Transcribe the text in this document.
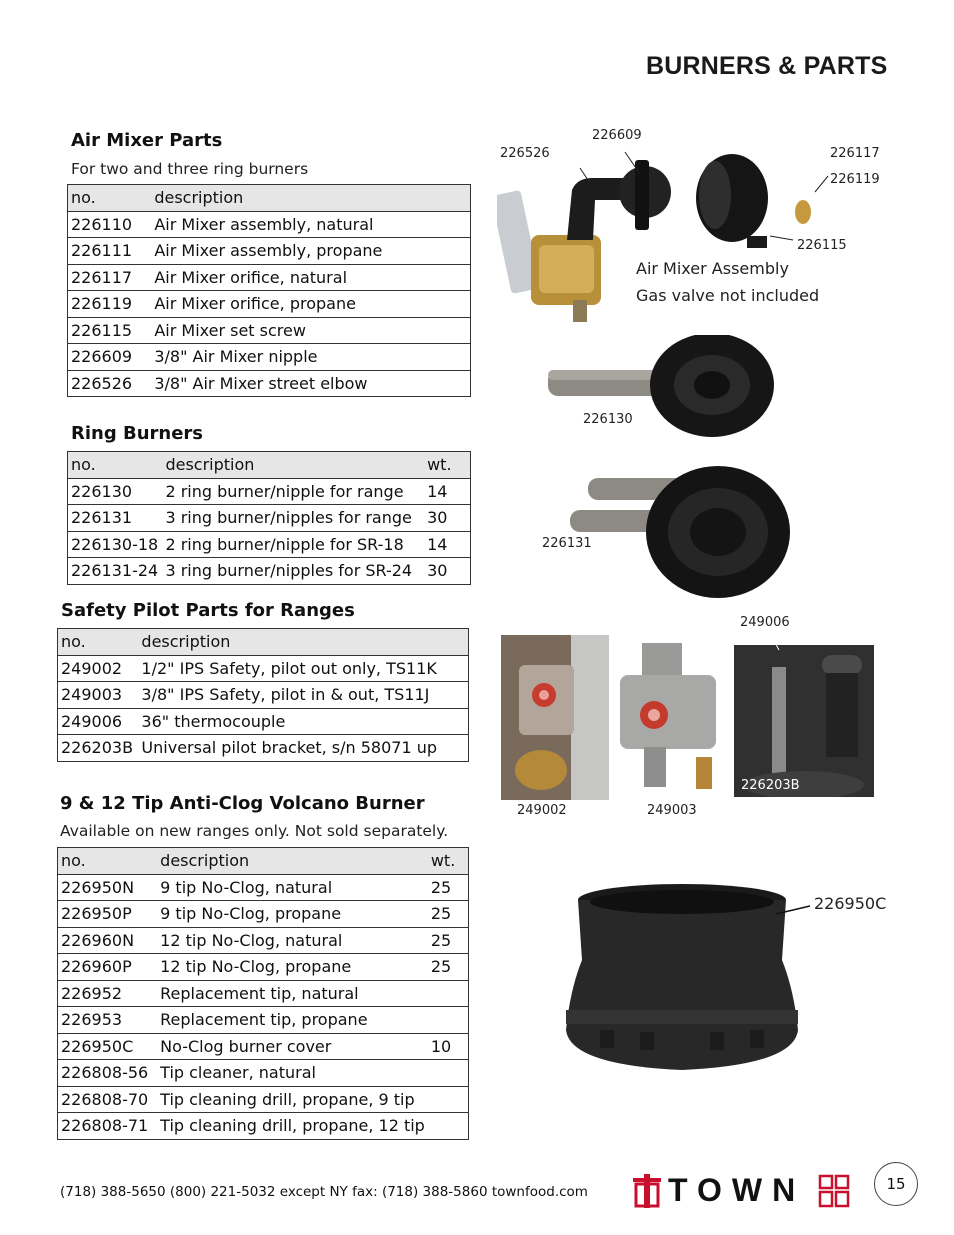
BURNERS & PARTS
Air Mixer Parts
For two and three ring burners
no.	description
226110	Air Mixer assembly, natural
226111	Air Mixer assembly, propane
226117	Air Mixer orifice, natural
226119	Air Mixer orifice, propane
226115	Air Mixer set screw
226609	3/8" Air Mixer nipple
226526	3/8" Air Mixer street elbow
Ring Burners
no.	description	wt.
226130	2 ring burner/nipple for range	14
226131	3 ring burner/nipples for range	30
226130-18	2 ring burner/nipple for SR-18	14
226131-24	3 ring burner/nipples for SR-24	30
Safety Pilot Parts for Ranges
no.	description
249002	1/2" IPS Safety, pilot out only, TS11K
249003	3/8" IPS Safety, pilot in & out, TS11J
249006	36" thermocouple
226203B	Universal pilot bracket, s/n 58071 up
9 & 12 Tip Anti-Clog Volcano Burner
Available on new ranges only. Not sold separately.
no.	description	wt.
226950N	9 tip No-Clog, natural	25
226950P	9 tip No-Clog, propane	25
226960N	12 tip No-Clog, natural	25
226960P	12 tip No-Clog, propane	25
226952	Replacement tip, natural	
226953	Replacement tip, propane	
226950C	No-Clog burner cover	10
226808-56	Tip cleaner, natural	
226808-70	Tip cleaning drill, propane, 9 tip	
226808-71	Tip cleaning drill, propane, 12 tip	
226609
226526	226117
226119
226115
Air Mixer Assembly
Gas valve not included
226130
226131
249006
226203B
249002	249003
226950C
(718) 388-5650 (800) 221-5032 except NY fax: (718) 388-5860 townfood.com	TOWN	15
